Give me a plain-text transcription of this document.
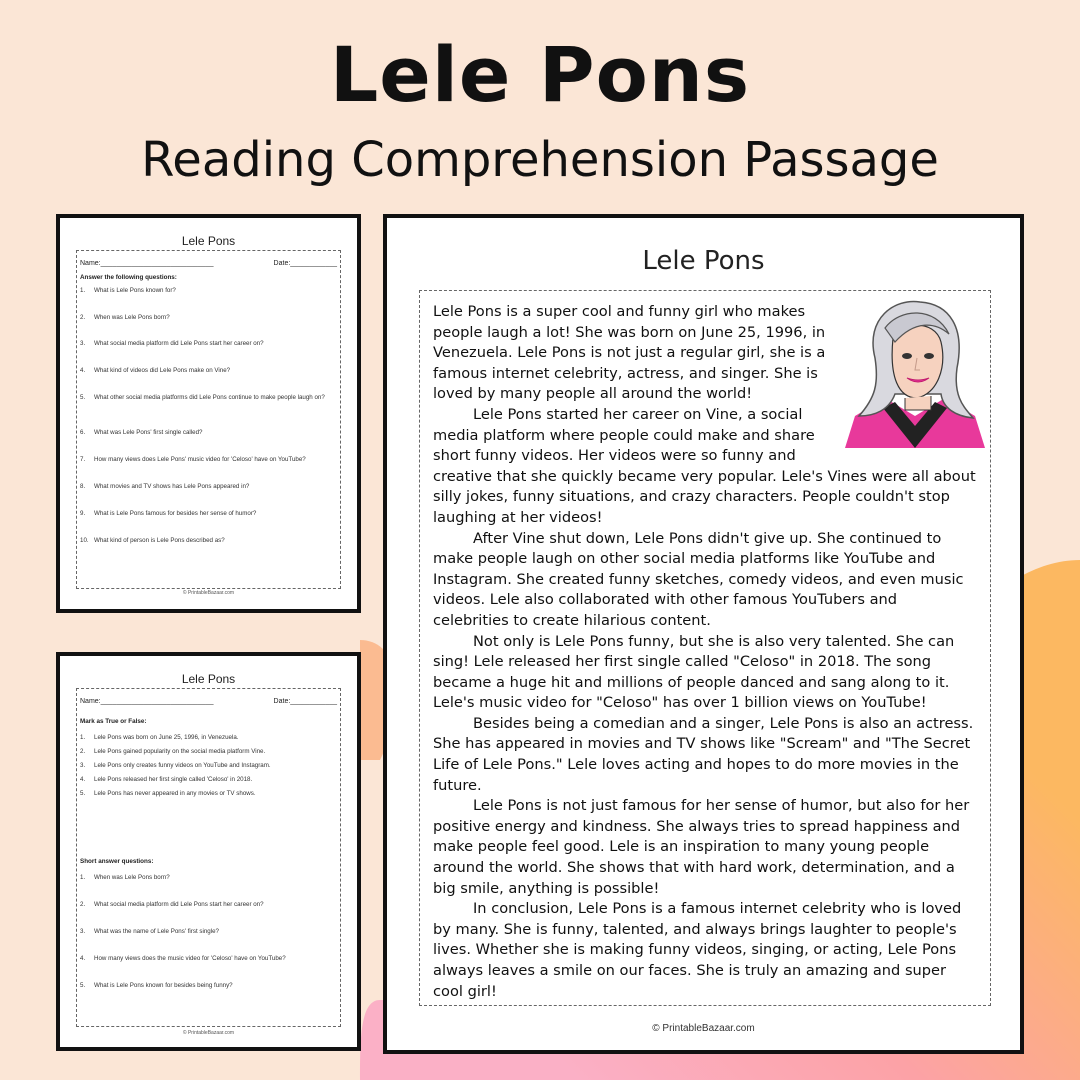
Lele Pons
Reading Comprehension Passage
Lele Pons
Name:_____________________________	Date:____________
Answer the following questions:
1.	What is Lele Pons known for?
2.	When was Lele Pons born?
3.	What social media platform did Lele Pons start her career on?
4.	What kind of videos did Lele Pons make on Vine?
5.	What other social media platforms did Lele Pons continue to make people laugh on?
6.	What was Lele Pons' first single called?
7.	How many views does Lele Pons' music video for 'Celoso' have on YouTube?
8.	What movies and TV shows has Lele Pons appeared in?
9.	What is Lele Pons famous for besides her sense of humor?
10. What kind of person is Lele Pons described as?
© PrintableBazaar.com
Lele Pons
Name:_____________________________	Date:____________
Mark as True or False:
1.	Lele Pons was born on June 25, 1996, in Venezuela.
2.	Lele Pons gained popularity on the social media platform Vine.
3.	Lele Pons only creates funny videos on YouTube and Instagram.
4.	Lele Pons released her first single called 'Celoso' in 2018.
5.	Lele Pons has never appeared in any movies or TV shows.
Short answer questions:
1.	When was Lele Pons born?
2.	What social media platform did Lele Pons start her career on?
3.	What was the name of Lele Pons' first single?
4.	How many views does the music video for 'Celoso' have on YouTube?
5.	What is Lele Pons known for besides being funny?
© PrintableBazaar.com
Lele Pons

Lele Pons is a super cool and funny girl who makes people laugh a lot! She was born on June 25, 1996, in Venezuela. Lele Pons is not just a regular girl, she is a famous internet celebrity, actress, and singer. She is loved by many people all around the world!

Lele Pons started her career on Vine, a social media platform where people could make and share short funny videos. Her videos were so funny and creative that she quickly became very popular. Lele's Vines were all about silly jokes, funny situations, and crazy characters. People couldn't stop laughing at her videos!

After Vine shut down, Lele Pons didn't give up. She continued to make people laugh on other social media platforms like YouTube and Instagram. She created funny sketches, comedy videos, and even music videos. Lele also collaborated with other famous YouTubers and celebrities to create hilarious content.

Not only is Lele Pons funny, but she is also very talented. She can sing! Lele released her first single called "Celoso" in 2018. The song became a huge hit and millions of people danced and sang along to it. Lele's music video for "Celoso" has over 1 billion views on YouTube!

Besides being a comedian and a singer, Lele Pons is also an actress. She has appeared in movies and TV shows like "Scream" and "The Secret Life of Lele Pons." Lele loves acting and hopes to do more movies in the future.

Lele Pons is not just famous for her sense of humor, but also for her positive energy and kindness. She always tries to spread happiness and make people feel good. Lele is an inspiration to many young people around the world. She shows that with hard work, determination, and a big smile, anything is possible!

In conclusion, Lele Pons is a famous internet celebrity who is loved by many. She is funny, talented, and always brings laughter to people's lives. Whether she is making funny videos, singing, or acting, Lele Pons always leaves a smile on our faces. She is truly an amazing and super cool girl!

© PrintableBazaar.com
